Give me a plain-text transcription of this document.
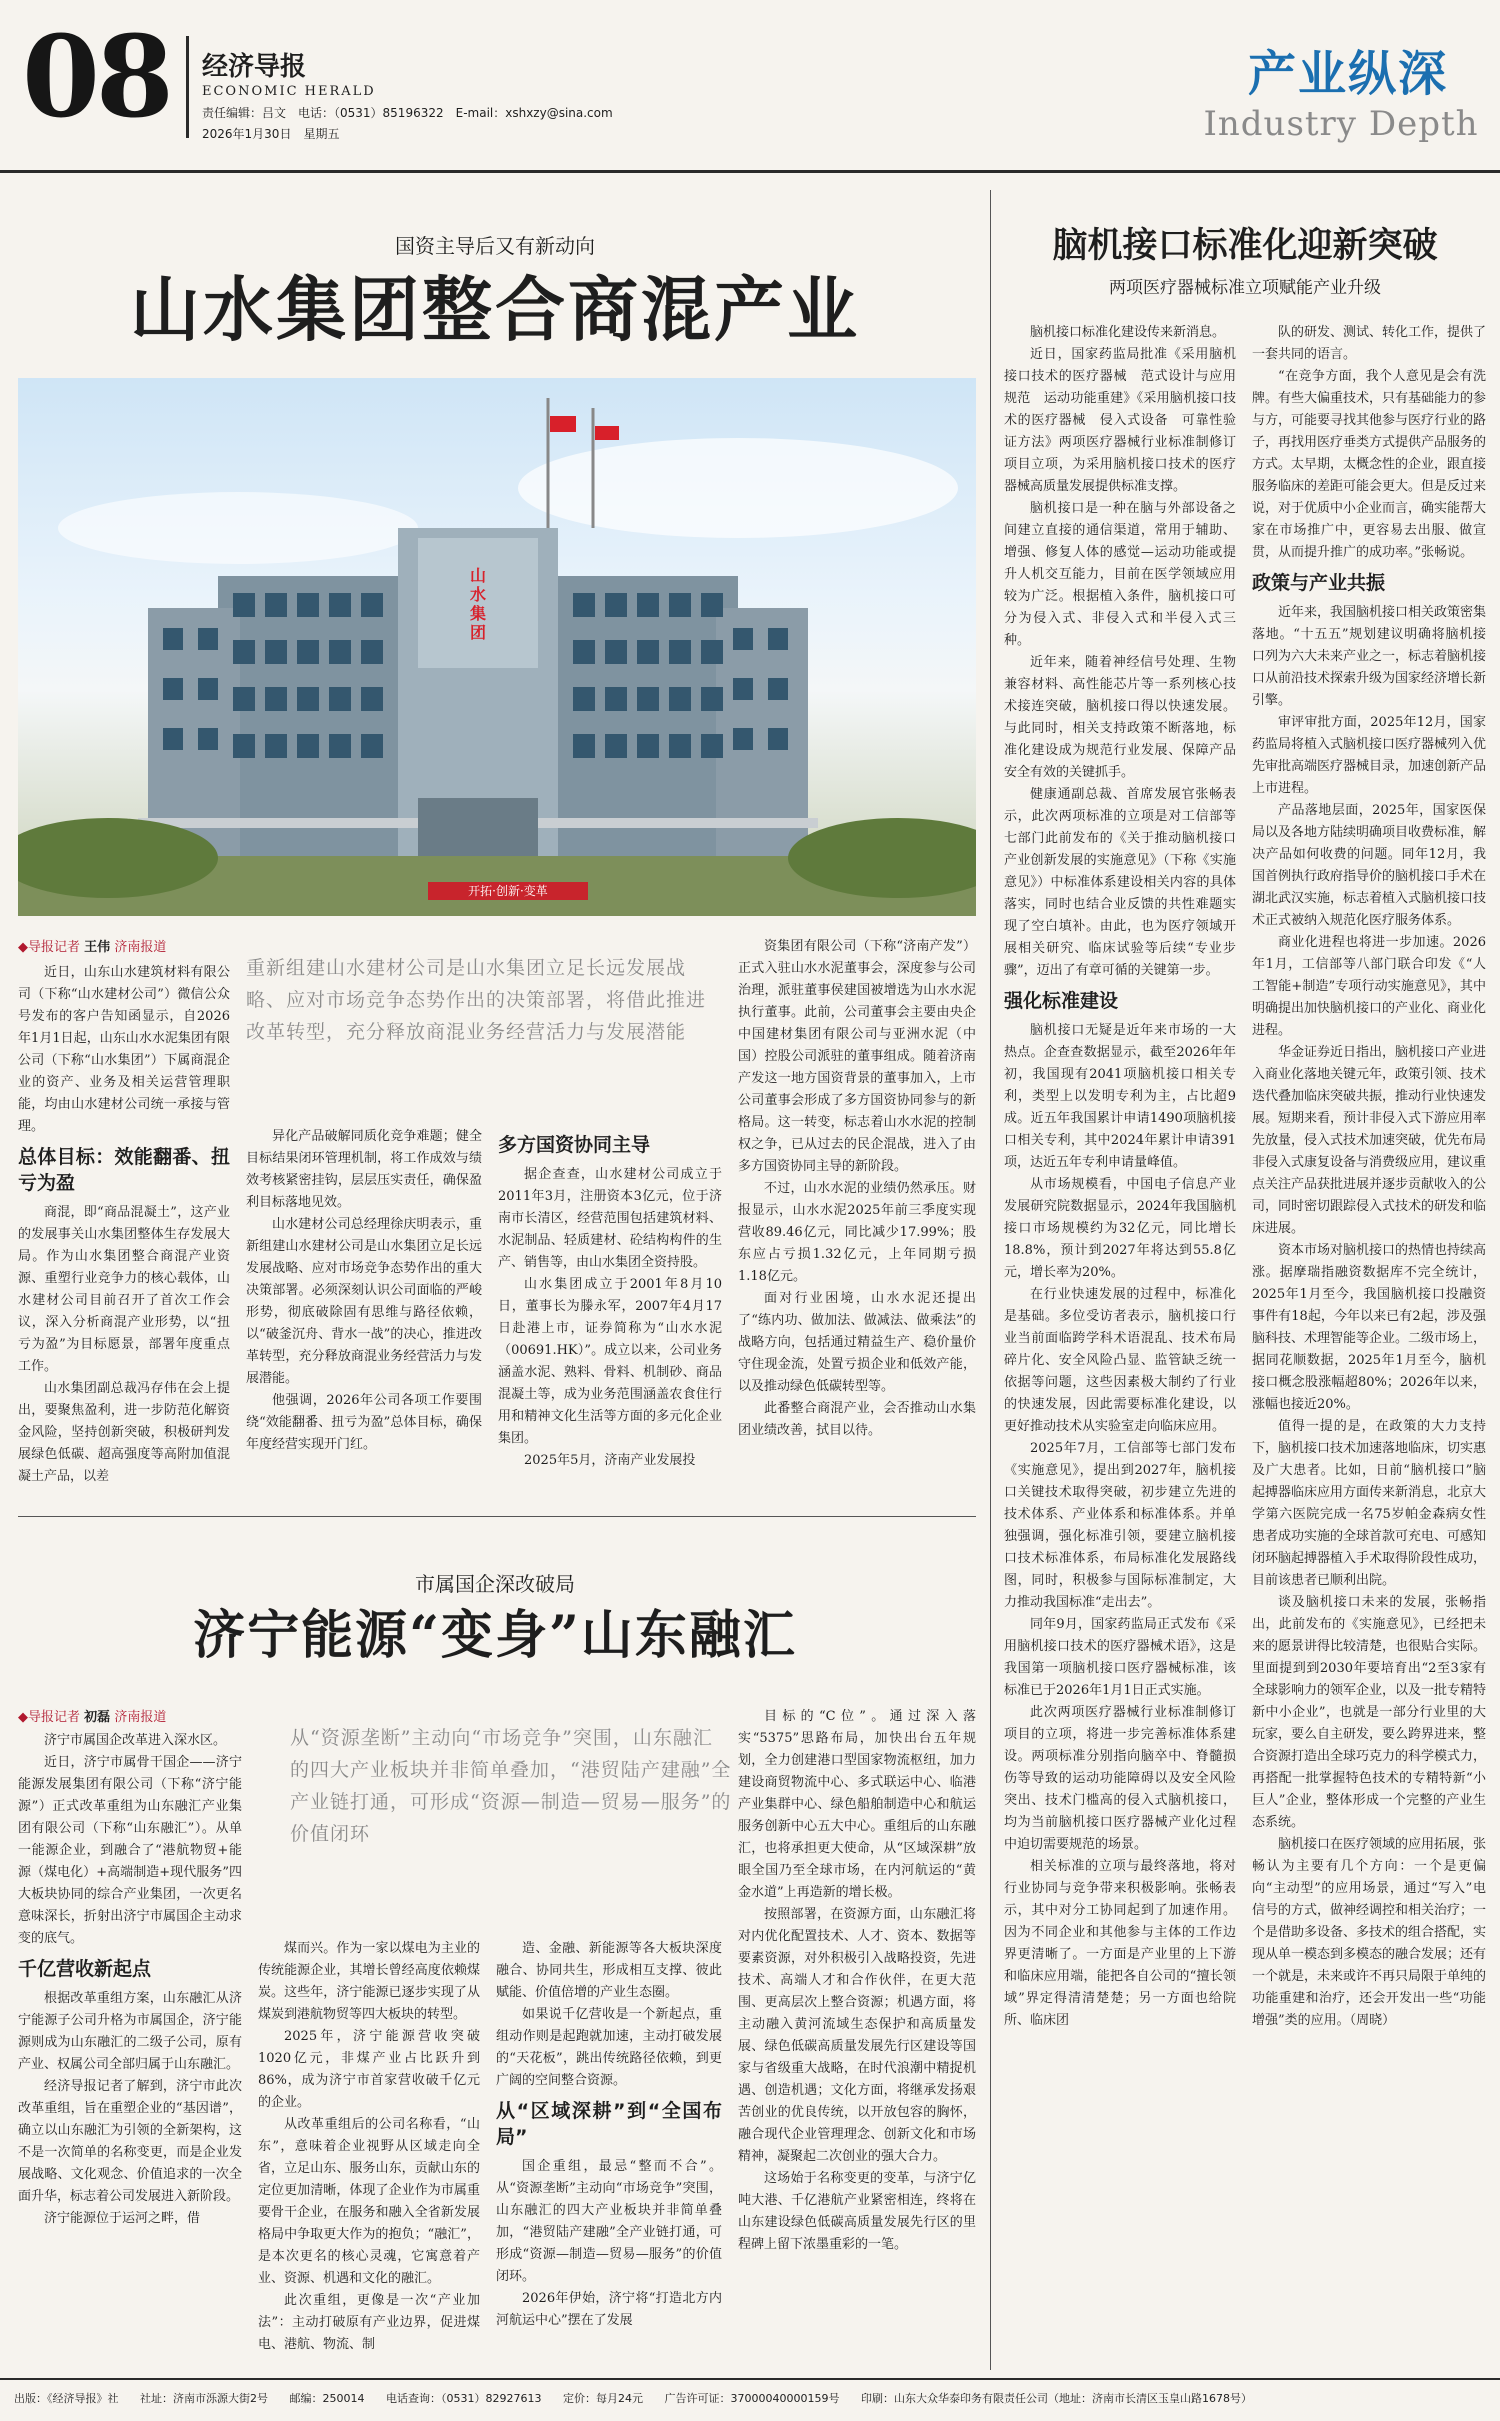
08 经济导报
ECONOMIC HERALD
责任编辑：吕文　电话：（0531）85196322　E-mail：xshxzy@sina.com
2026年1月30日　星期五
产业纵深
Industry Depth
国资主导后又有新动向
山水集团整合商混产业
山水集团
开拓·创新·变革
◆导报记者 王伟 济南报道
重新组建山水建材公司是山水集团立足长远发展战略、应对市场竞争态势作出的决策部署，将借此推进改革转型，充分释放商混业务经营活力与发展潜能

近日，山东山水建筑材料有限公司（下称“山水建材公司”）微信公众号发布的客户告知函显示，自2026年1月1日起，山东山水水泥集团有限公司（下称“山水集团”）下属商混企业的资产、业务及相关运营管理职能，均由山水建材公司统一承接与管理。

总体目标：效能翻番、扭亏为盈

商混，即“商品混凝土”，这产业的发展事关山水集团整体生存发展大局。作为山水集团整合商混产业资源、重塑行业竞争力的核心载体，山水建材公司目前召开了首次工作会议，深入分析商混产业形势，以“扭亏为盈”为目标愿景，部署年度重点工作。

山水集团副总裁冯存伟在会上提出，要聚焦盈利，进一步防范化解资金风险，坚持创新突破，积极研判发展绿色低碳、超高强度等高附加值混凝土产品，以差

异化产品破解同质化竞争难题；健全目标结果闭环管理机制，将工作成效与绩效考核紧密挂钩，层层压实责任，确保盈利目标落地见效。

山水建材公司总经理徐庆明表示，重新组建山水建材公司是山水集团立足长远发展战略、应对市场竞争态势作出的重大决策部署。必须深刻认识公司面临的严峻形势，彻底破除固有思维与路径依赖，以“破釜沉舟、背水一战”的决心，推进改革转型，充分释放商混业务经营活力与发展潜能。

他强调，2026年公司各项工作要围绕“效能翻番、扭亏为盈”总体目标，确保年度经营实现开门红。

多方国资协同主导

据企查查，山水建材公司成立于2011年3月，注册资本3亿元，位于济南市长清区，经营范围包括建筑材料、水泥制品、轻质建材、砼结构构件的生产、销售等，由山水集团全资持股。

山水集团成立于2001年8月10日，董事长为滕永军，2007年4月17日赴港上市，证券简称为“山水水泥（00691.HK）”。成立以来，公司业务涵盖水泥、熟料、骨料、机制砂、商品混凝土等，成为业务范围涵盖农食住行用和精神文化生活等方面的多元化企业集团。

2025年5月，济南产业发展投

资集团有限公司（下称“济南产发”）正式入驻山水水泥董事会，深度参与公司治理，派驻董事侯建国被增选为山水水泥执行董事。此前，公司董事会主要由央企中国建材集团有限公司与亚洲水泥（中国）控股公司派驻的董事组成。随着济南产发这一地方国资背景的董事加入，上市公司董事会形成了多方国资协同参与的新格局。这一转变，标志着山水水泥的控制权之争，已从过去的民企混战，进入了由多方国资协同主导的新阶段。

不过，山水水泥的业绩仍然承压。财报显示，山水水泥2025年前三季度实现营收89.46亿元，同比减少17.99%；股东应占亏损1.32亿元，上年同期亏损1.18亿元。

面对行业困境，山水水泥还提出了“练内功、做加法、做减法、做乘法”的战略方向，包括通过精益生产、稳价量价守住现金流，处置亏损企业和低效产能，以及推动绿色低碳转型等。

此番整合商混产业，会否推动山水集团业绩改善，拭目以待。

市属国企深改破局
济宁能源“变身”山东融汇
◆导报记者 初磊 济南报道
从“资源垄断”主动向“市场竞争”突围，山东融汇的四大产业板块并非简单叠加，“港贸陆产建融”全产业链打通，可形成“资源—制造—贸易—服务”的价值闭环

济宁市属国企改革进入深水区。

近日，济宁市属骨干国企——济宁能源发展集团有限公司（下称“济宁能源”）正式改革重组为山东融汇产业集团有限公司（下称“山东融汇”）。从单一能源企业，到融合了“港航物贸+能源（煤电化）+高端制造+现代服务”四大板块协同的综合产业集团，一次更名意味深长，折射出济宁市属国企主动求变的底气。

千亿营收新起点

根据改革重组方案，山东融汇从济宁能源子公司升格为市属国企，济宁能源则成为山东融汇的二级子公司，原有产业、权属公司全部归属于山东融汇。

经济导报记者了解到，济宁市此次改革重组，旨在重塑企业的“基因谱”，确立以山东融汇为引领的全新架构，这不是一次简单的名称变更，而是企业发展战略、文化观念、价值追求的一次全面升华，标志着公司发展进入新阶段。

济宁能源位于运河之畔，借

煤而兴。作为一家以煤电为主业的传统能源企业，其增长曾经高度依赖煤炭。这些年，济宁能源已逐步实现了从煤炭到港航物贸等四大板块的转型。

2025年，济宁能源营收突破1020亿元，非煤产业占比跃升到86%，成为济宁市首家营收破千亿元的企业。

从改革重组后的公司名称看，“山东”，意味着企业视野从区域走向全省，立足山东、服务山东，贡献山东的定位更加清晰，体现了企业作为市属重要骨干企业，在服务和融入全省新发展格局中争取更大作为的抱负；“融汇”，是本次更名的核心灵魂，它寓意着产业、资源、机遇和文化的融汇。

此次重组，更像是一次“产业加法”：主动打破原有产业边界，促进煤电、港航、物流、制

造、金融、新能源等各大板块深度融合、协同共生，形成相互支撑、彼此赋能、价值倍增的产业生态圈。

如果说千亿营收是一个新起点，重组动作则是起跑就加速，主动打破发展的“天花板”，跳出传统路径依赖，到更广阔的空间整合资源。

从“区域深耕”到“全国布局”

国企重组，最忌“整而不合”。从“资源垄断”主动向“市场竞争”突围，山东融汇的四大产业板块并非简单叠加，“港贸陆产建融”全产业链打通，可形成“资源—制造—贸易—服务”的价值闭环。

2026年伊始，济宁将“打造北方内河航运中心”摆在了发展

目标的“C位”。通过深入落实“5375”思路布局，加快出台五年规划，全力创建港口型国家物流枢纽，加力建设商贸物流中心、多式联运中心、临港产业集群中心、绿色船舶制造中心和航运服务创新中心五大中心。重组后的山东融汇，也将承担更大使命，从“区域深耕”放眼全国乃至全球市场，在内河航运的“黄金水道”上再造新的增长极。

按照部署，在资源方面，山东融汇将对内优化配置技术、人才、资本、数据等要素资源，对外积极引入战略投资，先进技术、高端人才和合作伙伴，在更大范围、更高层次上整合资源；机遇方面，将主动融入黄河流域生态保护和高质量发展、绿色低碳高质量发展先行区建设等国家与省级重大战略，在时代浪潮中精捉机遇、创造机遇；文化方面，将继承发扬艰苦创业的优良传统，以开放包容的胸怀，融合现代企业管理理念、创新文化和市场精神，凝聚起二次创业的强大合力。

这场始于名称变更的变革，与济宁亿吨大港、千亿港航产业紧密相连，终将在山东建设绿色低碳高质量发展先行区的里程碑上留下浓墨重彩的一笔。

脑机接口标准化迎新突破
两项医疗器械标准立项赋能产业升级

脑机接口标准化建设传来新消息。

近日，国家药监局批准《采用脑机接口技术的医疗器械　范式设计与应用规范　运动功能重建》《采用脑机接口技术的医疗器械　侵入式设备　可靠性验证方法》两项医疗器械行业标准制修订项目立项，为采用脑机接口技术的医疗器械高质量发展提供标准支撑。

脑机接口是一种在脑与外部设备之间建立直接的通信渠道，常用于辅助、增强、修复人体的感觉—运动功能或提升人机交互能力，目前在医学领域应用较为广泛。根据植入条件，脑机接口可分为侵入式、非侵入式和半侵入式三种。

近年来，随着神经信号处理、生物兼容材料、高性能芯片等一系列核心技术接连突破，脑机接口得以快速发展。与此同时，相关支持政策不断落地，标准化建设成为规范行业发展、保障产品安全有效的关键抓手。

健康通副总裁、首席发展官张畅表示，此次两项标准的立项是对工信部等七部门此前发布的《关于推动脑机接口产业创新发展的实施意见》（下称《实施意见》）中标准体系建设相关内容的具体落实，同时也结合业反馈的共性难题实现了空白填补。由此，也为医疗领域开展相关研究、临床试验等后续“专业步骤”，迈出了有章可循的关键第一步。

强化标准建设

脑机接口无疑是近年来市场的一大热点。企查查数据显示，截至2026年年初，我国现有2041项脑机接口相关专利，类型上以发明专利为主，占比超9成。近五年我国累计申请1490项脑机接口相关专利，其中2024年累计申请391项，达近五年专利申请量峰值。

从市场规模看，中国电子信息产业发展研究院数据显示，2024年我国脑机接口市场规模约为32亿元，同比增长18.8%，预计到2027年将达到55.8亿元，增长率为20%。

在行业快速发展的过程中，标准化是基础。多位受访者表示，脑机接口行业当前面临跨学科术语混乱、技术布局碎片化、安全风险凸显、监管缺乏统一依据等问题，这些因素极大制约了行业的快速发展，因此需要标准化建设，以更好推动技术从实验室走向临床应用。

2025年7月，工信部等七部门发布《实施意见》，提出到2027年，脑机接口关键技术取得突破，初步建立先进的技术体系、产业体系和标准体系。并单独强调，强化标准引领，要建立脑机接口技术标准体系，布局标准化发展路线图，同时，积极参与国际标准制定，大力推动我国标准“走出去”。

同年9月，国家药监局正式发布《采用脑机接口技术的医疗器械术语》，这是我国第一项脑机接口医疗器械标准，该标准已于2026年1月1日正式实施。

此次两项医疗器械行业标准制修订项目的立项，将进一步完善标准体系建设。两项标准分别指向脑卒中、脊髓损伤等导致的运动功能障碍以及安全风险突出、技术门槛高的侵入式脑机接口，均为当前脑机接口医疗器械产业化过程中迫切需要规范的场景。

相关标准的立项与最终落地，将对行业协同与竞争带来积极影响。张畅表示，其中对分工协同起到了加速作用。因为不同企业和其他参与主体的工作边界更清晰了。一方面是产业里的上下游和临床应用端，能把各自公司的“擅长领域”界定得清清楚楚；另一方面也给院所、临床团

队的研发、测试、转化工作，提供了一套共同的语言。

“在竞争方面，我个人意见是会有洗牌。有些大偏重技术，只有基础能力的参与方，可能要寻找其他参与医疗行业的路子，再找用医疗垂类方式提供产品服务的方式。太早期，太概念性的企业，跟直接服务临床的差距可能会更大。但是反过来说，对于优质中小企业而言，确实能帮大家在市场推广中，更容易去出服、做宣贯，从而提升推广的成功率。”张畅说。

政策与产业共振

近年来，我国脑机接口相关政策密集落地。“十五五”规划建议明确将脑机接口列为六大未来产业之一，标志着脑机接口从前沿技术探索升级为国家经济增长新引擎。

审评审批方面，2025年12月，国家药监局将植入式脑机接口医疗器械列入优先审批高端医疗器械目录，加速创新产品上市进程。

产品落地层面，2025年，国家医保局以及各地方陆续明确项目收费标准，解决产品如何收费的问题。同年12月，我国首例执行政府指导价的脑机接口手术在湖北武汉实施，标志着植入式脑机接口技术正式被纳入规范化医疗服务体系。

商业化进程也将进一步加速。2026年1月，工信部等八部门联合印发《“人工智能+制造”专项行动实施意见》，其中明确提出加快脑机接口的产业化、商业化进程。

华金证券近日指出，脑机接口产业进入商业化落地关键元年，政策引领、技术迭代叠加临床突破共振，推动行业快速发展。短期来看，预计非侵入式下游应用率先放量，侵入式技术加速突破，优先布局非侵入式康复设备与消费级应用，建议重点关注产品获批进展并逐步贡献收入的公司，同时密切跟踪侵入式技术的研发和临床进展。

资本市场对脑机接口的热情也持续高涨。据摩瑞指融资数据库不完全统计，2025年1月至今，我国脑机接口投融资事件有18起，今年以来已有2起，涉及强脑科技、术理智能等企业。二级市场上，据同花顺数据，2025年1月至今，脑机接口概念股涨幅超80%；2026年以来，涨幅也接近20%。

值得一提的是，在政策的大力支持下，脑机接口技术加速落地临床，切实惠及广大患者。比如，日前“脑机接口”脑起搏器临床应用方面传来新消息，北京大学第六医院完成一名75岁帕金森病女性患者成功实施的全球首款可充电、可感知闭环脑起搏器植入手术取得阶段性成功，目前该患者已顺利出院。

谈及脑机接口未来的发展，张畅指出，此前发布的《实施意见》，已经把未来的愿景讲得比较清楚，也很贴合实际。里面提到到2030年要培育出“2至3家有全球影响力的领军企业，以及一批专精特新中小企业”，也就是一部分行业里的大玩家，要么自主研发，要么跨界进来，整合资源打造出全球巧克力的科学模式力，再搭配一批掌握特色技术的专精特新“小巨人”企业，整体形成一个完整的产业生态系统。

脑机接口在医疗领域的应用拓展，张畅认为主要有几个方向：一个是更偏向“主动型”的应用场景，通过“写入”电信号的方式，做神经调控和相关治疗；一个是借助多设备、多技术的组合搭配，实现从单一模态到多模态的融合发展；还有一个就是，未来或许不再只局限于单纯的功能重建和治疗，还会开发出一些“功能增强”类的应用。（周晓）

出版：《经济导报》社 社址：济南市泺源大街2号 邮编：250014 电话查询：（0531）82927613 定价：每月24元 广告许可证：37000040000159号 印刷：山东大众华泰印务有限责任公司（地址：济南市长清区玉皇山路1678号）
